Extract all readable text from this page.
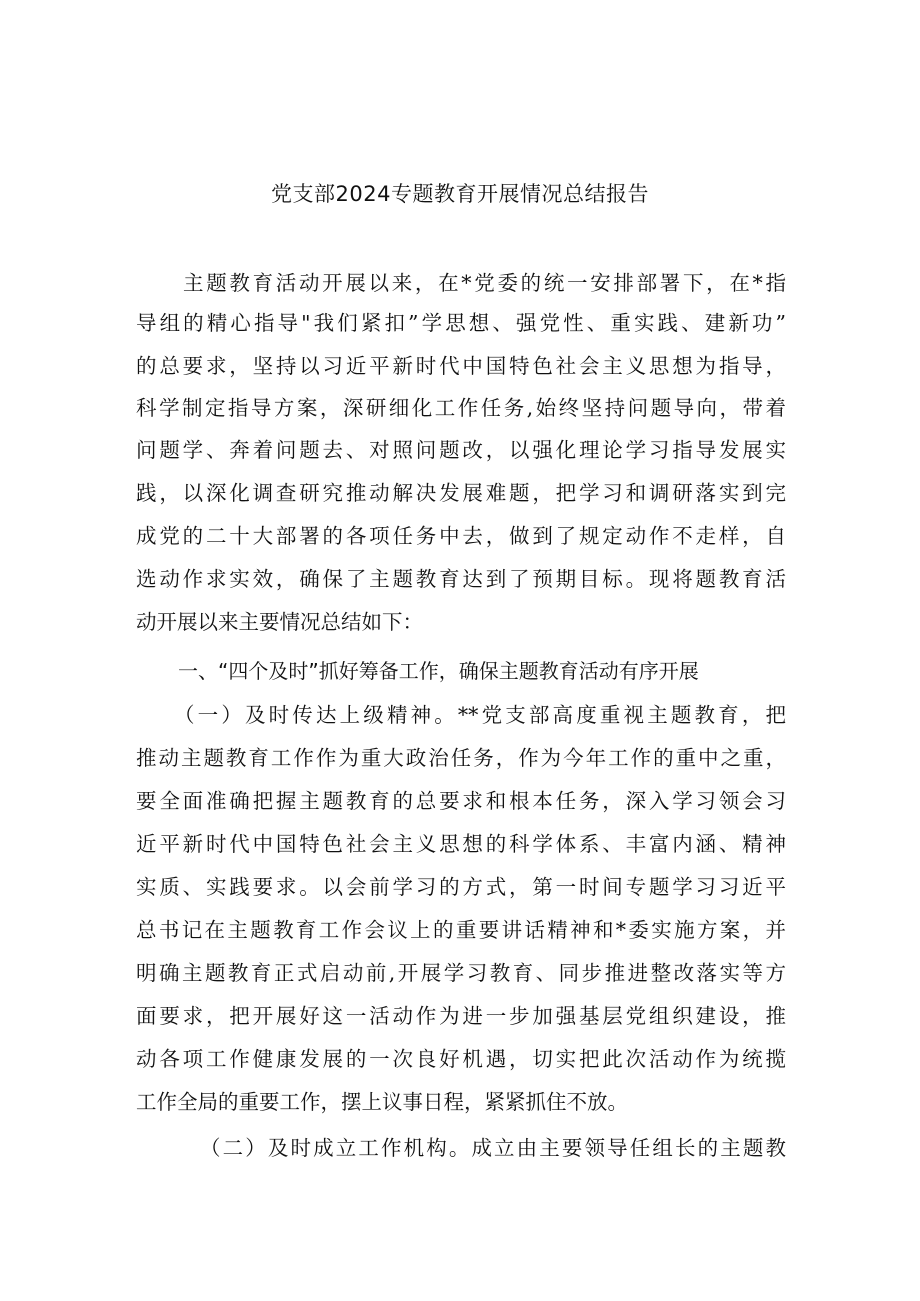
党支部2024专题教育开展情况总结报告
主题教育活动开展以来，在*党委的统一安排部署下，在*指
导组的精心指导"我们紧扣”学思想、强党性、重实践、建新功”
的总要求，坚持以习近平新时代中国特色社会主义思想为指导，
科学制定指导方案，深研细化工作任务,始终坚持问题导向，带着
问题学、奔着问题去、对照问题改，以强化理论学习指导发展实
践，以深化调查研究推动解决发展难题，把学习和调研落实到完
成党的二十大部署的各项任务中去，做到了规定动作不走样，自
选动作求实效，确保了主题教育达到了预期目标。现将题教育活
动开展以来主要情况总结如下：
一、“四个及时”抓好筹备工作，确保主题教育活动有序开展
（一）及时传达上级精神。**党支部高度重视主题教育，把
推动主题教育工作作为重大政治任务，作为今年工作的重中之重，
要全面准确把握主题教育的总要求和根本任务，深入学习领会习
近平新时代中国特色社会主义思想的科学体系、丰富内涵、精神
实质、实践要求。以会前学习的方式，第一时间专题学习习近平
总书记在主题教育工作会议上的重要讲话精神和*委实施方案，并
明确主题教育正式启动前,开展学习教育、同步推进整改落实等方
面要求，把开展好这一活动作为进一步加强基层党组织建设，推
动各项工作健康发展的一次良好机遇，切实把此次活动作为统揽
工作全局的重要工作，摆上议事日程，紧紧抓住不放。
（二）及时成立工作机构。成立由主要领导任组长的主题教
